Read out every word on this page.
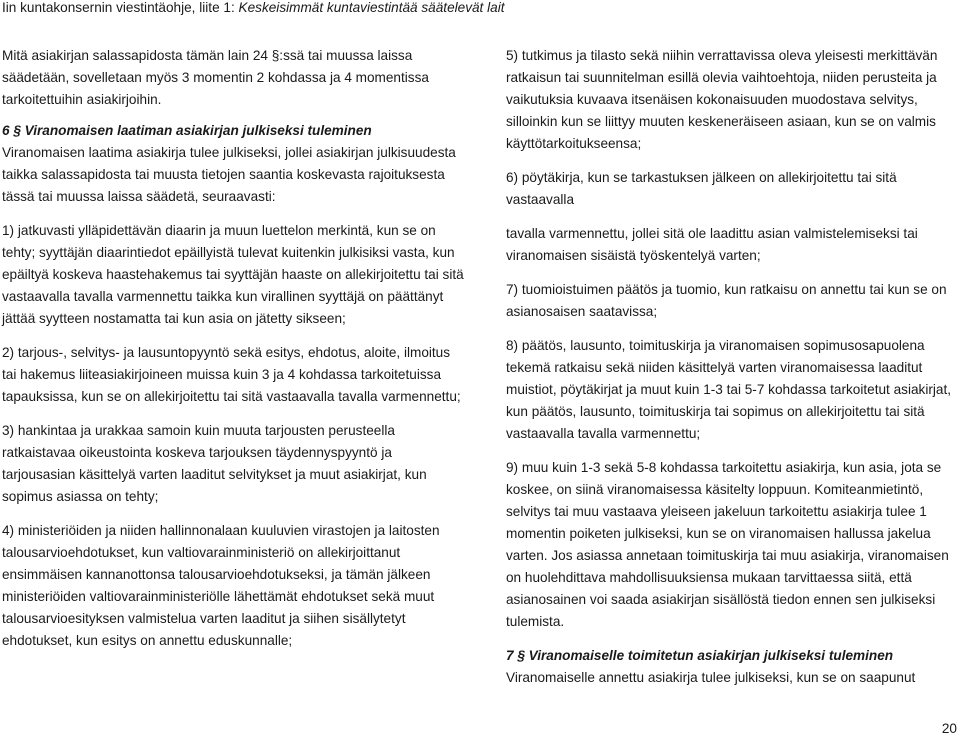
Iin kuntakonsernin viestintäohje, liite 1: Keskeisimmät kuntaviestintää säätelevät lait

Mitä asiakirjan salassapidosta tämän lain 24 §:ssä tai muussa laissa säädetään, sovelletaan myös 3 momentin 2 kohdassa ja 4 momentissa tarkoitettuihin asiakirjoihin.

6 § Viranomaisen laatiman asiakirjan julkiseksi tuleminen

Viranomaisen laatima asiakirja tulee julkiseksi, jollei asiakirjan julkisuudesta taikka salassapidosta tai muusta tietojen saantia koskevasta rajoituksesta tässä tai muussa laissa säädetä, seuraavasti:

1) jatkuvasti ylläpidettävän diaarin ja muun luettelon merkintä, kun se on tehty; syyttäjän diaarintiedot epäillyistä tulevat kuitenkin julkisiksi vasta, kun epäiltyä koskeva haastehakemus tai syyttäjän haaste on allekirjoitettu tai sitä vastaavalla tavalla varmennettu taikka kun virallinen syyttäjä on päättänyt jättää syytteen nostamatta tai kun asia on jätetty sikseen;

2) tarjous-, selvitys- ja lausuntopyyntö sekä esitys, ehdotus, aloite, ilmoitus tai hakemus liiteasiakirjoineen muissa kuin 3 ja 4 kohdassa tarkoitetuissa tapauksissa, kun se on allekirjoitettu tai sitä vastaavalla tavalla varmennettu;

3) hankintaa ja urakkaa samoin kuin muuta tarjousten perusteella ratkaistavaa oikeustointa koskeva tarjouksen täydennyspyyntö ja tarjousasian käsittelyä varten laaditut selvitykset ja muut asiakirjat, kun sopimus asiassa on tehty;

4) ministeriöiden ja niiden hallinnonalaan kuuluvien virastojen ja laitosten talousarvioehdotukset, kun valtiovarainministeriö on allekirjoittanut ensimmäisen kannanottonsa talousarvioehdotukseksi, ja tämän jälkeen ministeriöiden valtiovarainministeriölle lähettämät ehdotukset sekä muut talousarvioesityksen valmistelua varten laaditut ja siihen sisällytetyt ehdotukset, kun esitys on annettu eduskunnalle;

5) tutkimus ja tilasto sekä niihin verrattavissa oleva yleisesti merkittävän ratkaisun tai suunnitelman esillä olevia vaihtoehtoja, niiden perusteita ja vaikutuksia kuvaava itsenäisen kokonaisuuden muodostava selvitys, silloinkin kun se liittyy muuten keskeneräiseen asiaan, kun se on valmis käyttötarkoitukseensa;

6) pöytäkirja, kun se tarkastuksen jälkeen on allekirjoitettu tai sitä vastaavalla

tavalla varmennettu, jollei sitä ole laadittu asian valmistelemiseksi tai viranomaisen sisäistä työskentelyä varten;

7) tuomioistuimen päätös ja tuomio, kun ratkaisu on annettu tai kun se on asianosaisen saatavissa;

8) päätös, lausunto, toimituskirja ja viranomaisen sopimusosapuolena tekemä ratkaisu sekä niiden käsittelyä varten viranomaisessa laaditut muistiot, pöytäkirjat ja muut kuin 1-3 tai 5-7 kohdassa tarkoitetut asiakirjat, kun päätös, lausunto, toimituskirja tai sopimus on allekirjoitettu tai sitä vastaavalla tavalla varmennettu;

9) muu kuin 1-3 sekä 5-8 kohdassa tarkoitettu asiakirja, kun asia, jota se koskee, on siinä viranomaisessa käsitelty loppuun. Komiteanmietintö, selvitys tai muu vastaava yleiseen jakeluun tarkoitettu asiakirja tulee 1 momentin poiketen julkiseksi, kun se on viranomaisen hallussa jakelua varten. Jos asiassa annetaan toimituskirja tai muu asiakirja, viranomaisen on huolehdittava mahdollisuuksiensa mukaan tarvittaessa siitä, että asianosainen voi saada asiakirjan sisällöstä tiedon ennen sen julkiseksi tulemista.

7 § Viranomaiselle toimitetun asiakirjan julkiseksi tuleminen

Viranomaiselle annettu asiakirja tulee julkiseksi, kun se on saapunut

20
